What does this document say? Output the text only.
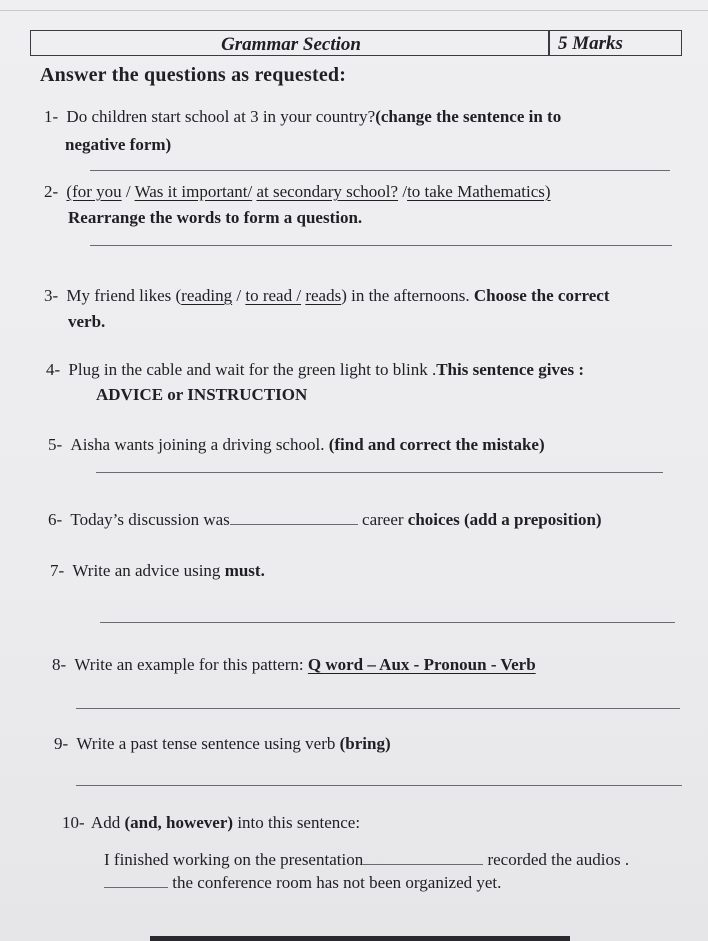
Grammar Section	5 Marks
Answer the questions as requested:
1- Do children start school at 3 in your country?(change the sentence in to
negative form)
2- (for you / Was it important/ at secondary school? /to take Mathematics)
Rearrange the words to form a question.
3- My friend likes (reading / to read / reads) in the afternoons. Choose the correct
verb.
4- Plug in the cable and wait for the green light to blink .This sentence gives :
ADVICE or INSTRUCTION
5- Aisha wants joining a driving school. (find and correct the mistake)
6- Today’s discussion was	career choices (add a preposition)
7- Write an advice using must.
8- Write an example for this pattern: Q word – Aux - Pronoun - Verb
9- Write a past tense sentence using verb (bring)
10- Add (and, however) into this sentence:
I finished working on the presentation	recorded the audios .
the conference room has not been organized yet.
